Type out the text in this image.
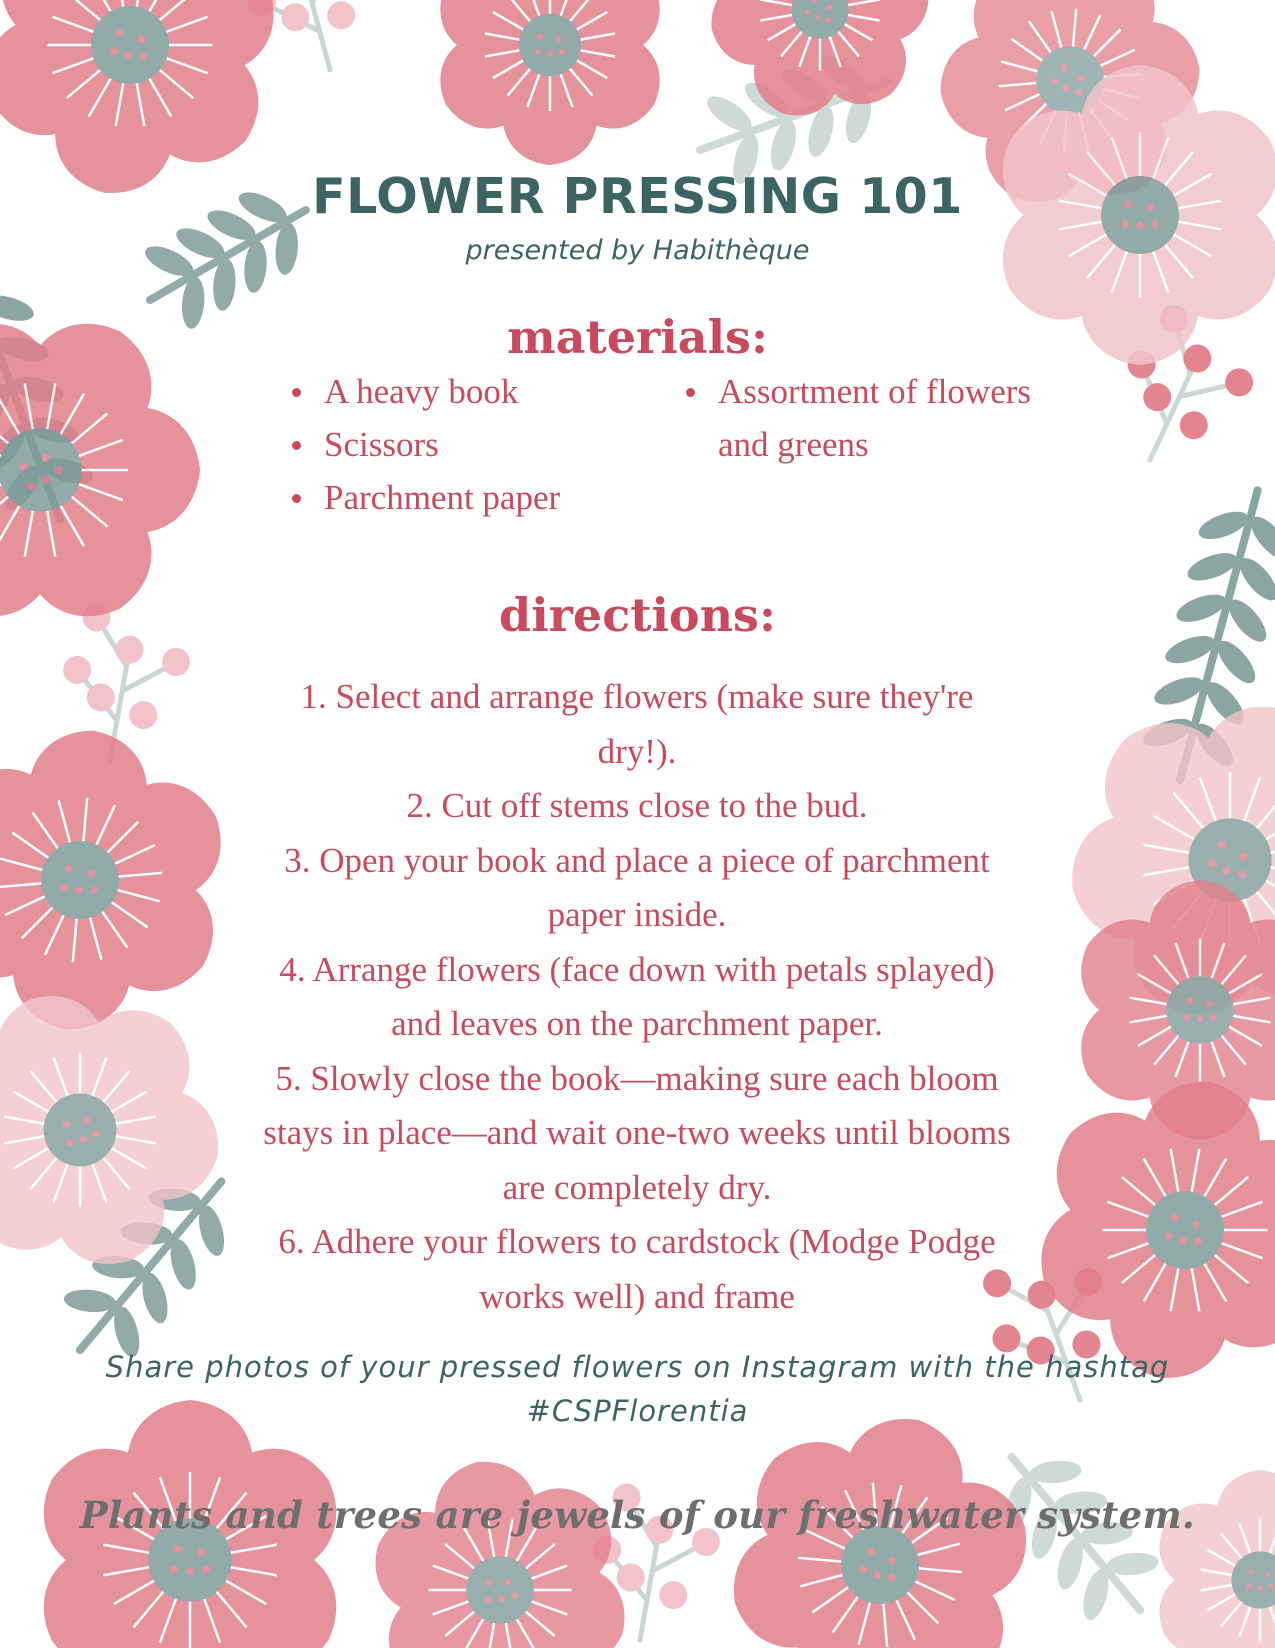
FLOWER PRESSING 101
presented by Habithèque
materials:
A heavy book
Scissors
Parchment paper
Assortment of flowers and greens
directions:
1. Select and arrange flowers (make sure they're dry!).
2. Cut off stems close to the bud.
3. Open your book and place a piece of parchment paper inside.
4. Arrange flowers (face down with petals splayed) and leaves on the parchment paper.
5. Slowly close the book—making sure each bloom stays in place—and wait one-two weeks until blooms are completely dry.
6. Adhere your flowers to cardstock (Modge Podge works well) and frame
Share photos of your pressed flowers on Instagram with the hashtag #CSPFlorentia
Plants and trees are jewels of our freshwater system.
